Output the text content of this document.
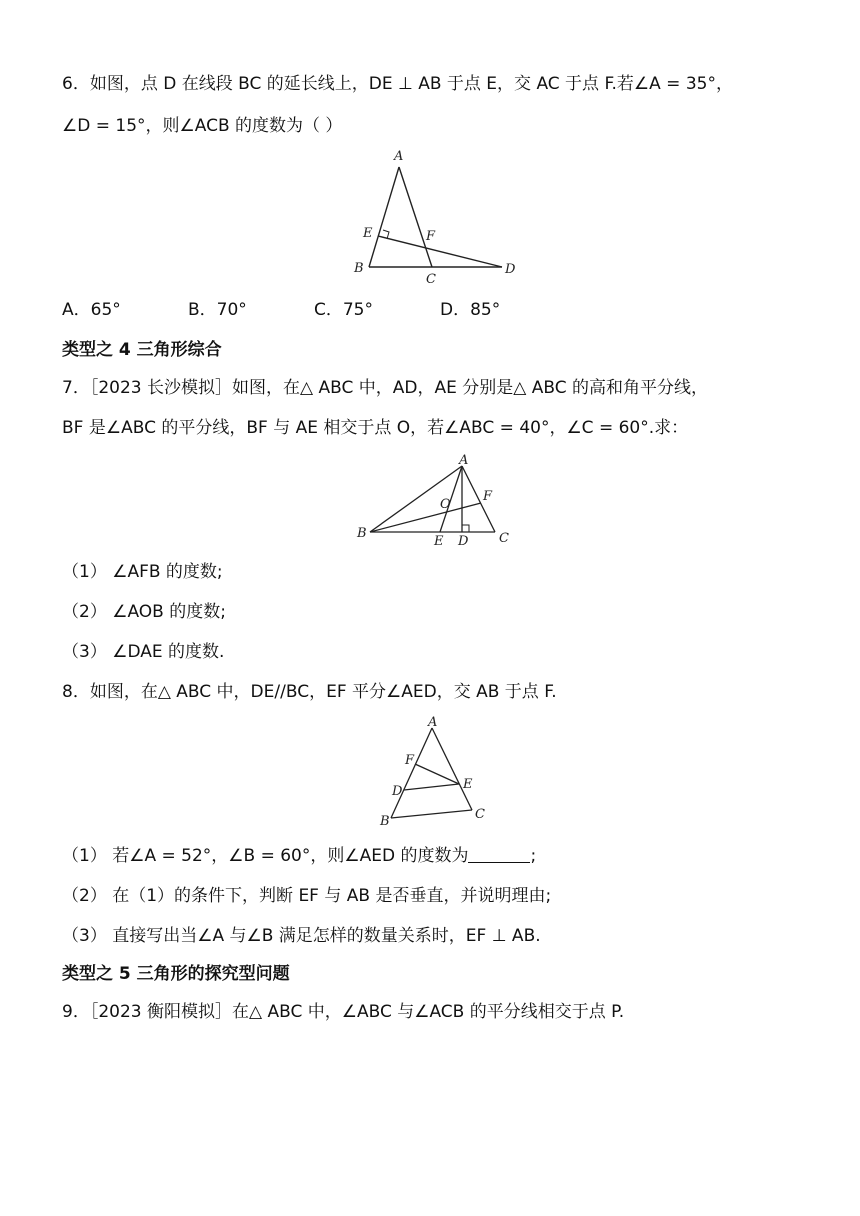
6．如图，点 D 在线段 BC 的延长线上，DE ⊥ AB 于点 E，交 AC 于点 F.若∠A = 35°，
∠D = 15°，则∠ACB 的度数为（ ）
A
B
C
D
E	F
A．65°	B．70°	C．75°	D．85°
类型之 4 三角形综合
7．［2023 长沙模拟］如图，在△ ABC 中，AD，AE 分别是△ ABC 的高和角平分线，
BF 是∠ABC 的平分线，BF 与 AE 相交于点 O，若∠ABC = 40°，∠C = 60°.求：
A
B	C
D
E
F
O
（1） ∠AFB 的度数;
（2） ∠AOB 的度数;
（3） ∠DAE 的度数.
8．如图，在△ ABC 中，DE//BC，EF 平分∠AED，交 AB 于点 F.
A
B	C
D	E
F
（1） 若∠A = 52°，∠B = 60°，则∠AED 的度数为	;
（2） 在（1）的条件下，判断 EF 与 AB 是否垂直，并说明理由;
（3） 直接写出当∠A 与∠B 满足怎样的数量关系时，EF ⊥ AB.
类型之 5 三角形的探究型问题
9．［2023 衡阳模拟］在△ ABC 中，∠ABC 与∠ACB 的平分线相交于点 P.
